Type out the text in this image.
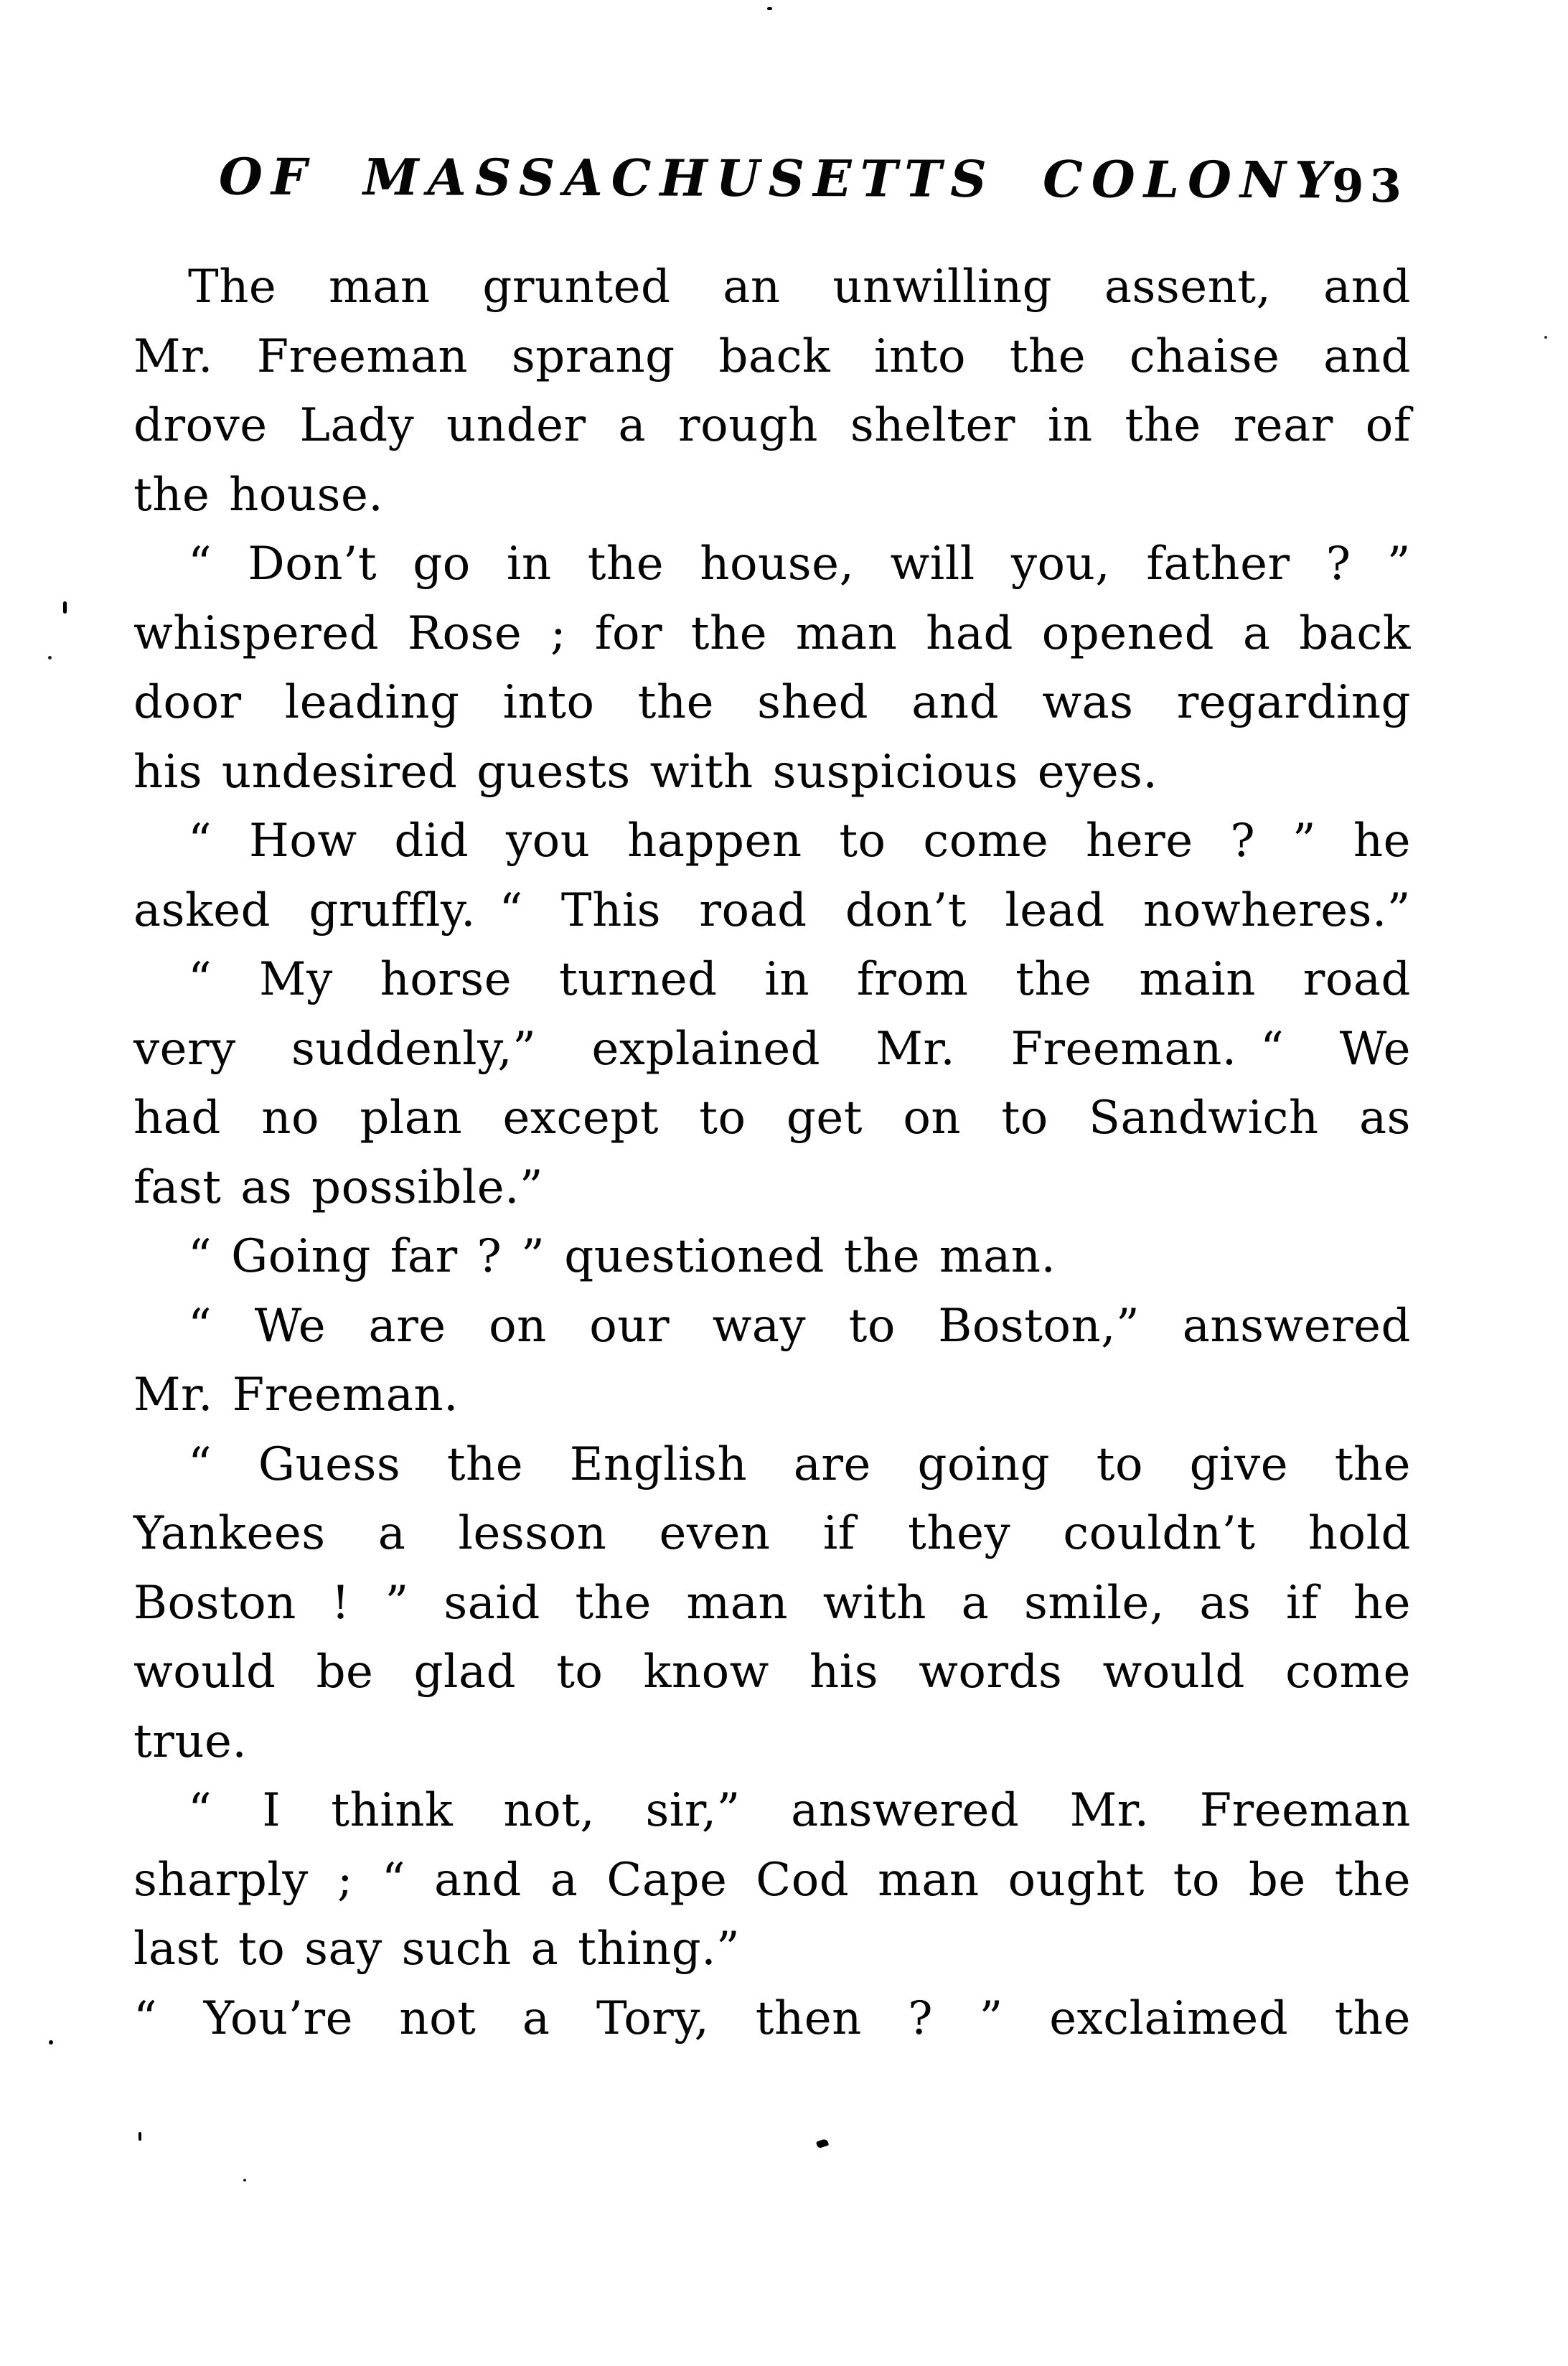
OF MASSACHUSETTS COLONY
93
The man grunted an unwilling assent, and
Mr. Freeman sprang back into the chaise and
drove Lady under a rough shelter in the rear of
the house.
“ Don’t go in the house, will you, father ? ”
whispered Rose ; for the man had opened a back
door leading into the shed and was regarding
his undesired guests with suspicious eyes.
“ How did you happen to come here ? ” he
asked gruffly. “ This road don’t lead nowheres.”
“ My horse turned in from the main road
very suddenly,” explained Mr. Freeman. “ We
had no plan except to get on to Sandwich as
fast as possible.”
“ Going far ? ” questioned the man.
“ We are on our way to Boston,” answered
Mr. Freeman.
“ Guess the English are going to give the
Yankees a lesson even if they couldn’t hold
Boston ! ” said the man with a smile, as if he
would be glad to know his words would come
true.
“ I think not, sir,” answered Mr. Freeman
sharply ; “ and a Cape Cod man ought to be the
last to say such a thing.”
“ You’re not a Tory, then ? ” exclaimed the
